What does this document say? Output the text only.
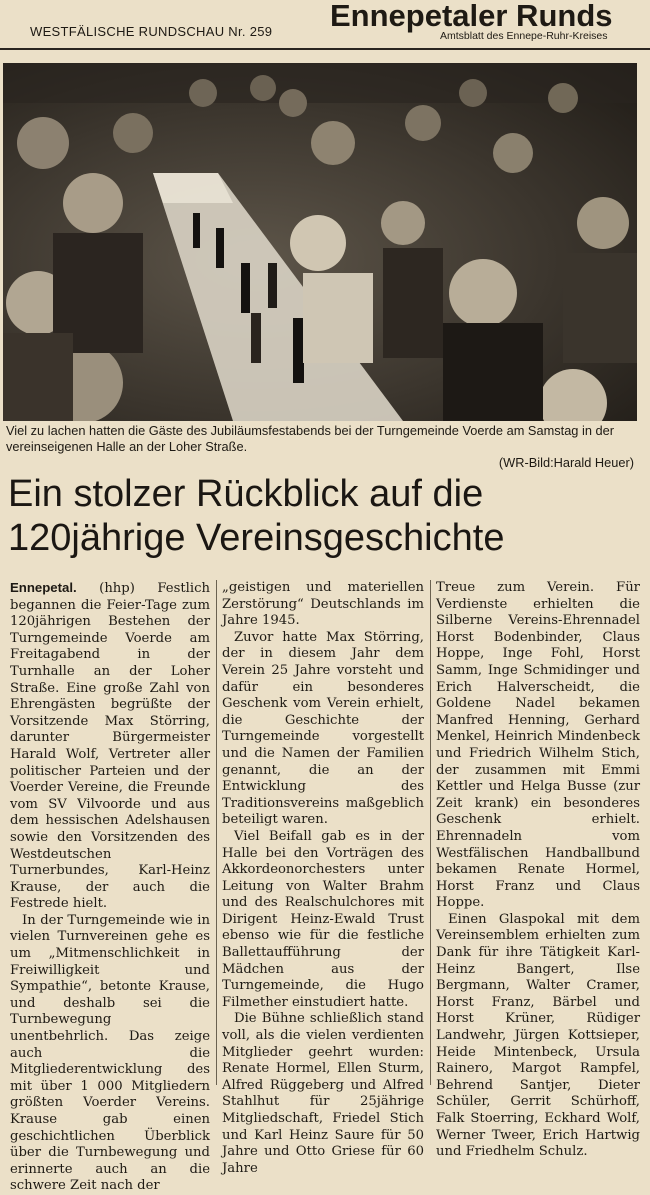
WESTFÄLISCHE RUNDSCHAU Nr. 259 Ennepetaler Runds
Amtsblatt des Ennepe-Ruhr-Kreises
Viel zu lachen hatten die Gäste des Jubiläumsfestabends bei der Turngemeinde Voerde am Samstag in der vereinseigenen Halle an der Loher Straße.
(WR-Bild:Harald Heuer)
Ein stolzer Rückblick auf die 120jährige Vereinsgeschichte

Ennepetal. (hhp) Festlich begannen die Feier-Tage zum 120jährigen Bestehen der Turngemeinde Voerde am Freitagabend in der Turnhalle an der Loher Straße. Eine große Zahl von Ehrengästen begrüßte der Vorsitzende Max Störring, darunter Bürgermeister Harald Wolf, Vertreter aller politischer Parteien und der Voerder Vereine, die Freunde vom SV Vilvoorde und aus dem hessischen Adelshausen sowie den Vorsitzenden des Westdeutschen Turnerbundes, Karl-Heinz Krause, der auch die Festrede hielt.

In der Turngemeinde wie in vielen Turnvereinen gehe es um „Mitmenschlichkeit in Freiwilligkeit und Sympathie“, betonte Krause, und deshalb sei die Turnbewegung unentbehrlich. Das zeige auch die Mitgliederentwicklung des mit über 1 000 Mitgliedern größten Voerder Vereins. Krause gab einen geschichtlichen Überblick über die Turnbewegung und erinnerte auch an die schwere Zeit nach der

„geistigen und materiellen Zerstörung“ Deutschlands im Jahre 1945.

Zuvor hatte Max Störring, der in diesem Jahr dem Verein 25 Jahre vorsteht und dafür ein besonderes Geschenk vom Verein erhielt, die Geschichte der Turngemeinde vorgestellt und die Namen der Familien genannt, die an der Entwicklung des Traditionsvereins maßgeblich beteiligt waren.

Viel Beifall gab es in der Halle bei den Vorträgen des Akkordeonorchesters unter Leitung von Walter Brahm und des Realschulchores mit Dirigent Heinz-Ewald Trust ebenso wie für die festliche Ballettaufführung der Mädchen aus der Turngemeinde, die Hugo Filmether einstudiert hatte.

Die Bühne schließlich stand voll, als die vielen verdienten Mitglieder geehrt wurden: Renate Hormel, Ellen Sturm, Alfred Rüggeberg und Alfred Stahlhut für 25jährige Mitgliedschaft, Friedel Stich und Karl Heinz Saure für 50 Jahre und Otto Griese für 60 Jahre

Treue zum Verein. Für Verdienste erhielten die Silberne Vereins-Ehrennadel Horst Bodenbinder, Claus Hoppe, Inge Fohl, Horst Samm, Inge Schmidinger und Erich Halverscheidt, die Goldene Nadel bekamen Manfred Henning, Gerhard Menkel, Heinrich Mindenbeck und Friedrich Wilhelm Stich, der zusammen mit Emmi Kettler und Helga Busse (zur Zeit krank) ein besonderes Geschenk erhielt. Ehrennadeln vom Westfälischen Handballbund bekamen Renate Hormel, Horst Franz und Claus Hoppe.

Einen Glaspokal mit dem Vereinsemblem erhielten zum Dank für ihre Tätigkeit Karl-Heinz Bangert, Ilse Bergmann, Walter Cramer, Horst Franz, Bärbel und Horst Krüner, Rüdiger Landwehr, Jürgen Kottsieper, Heide Mintenbeck, Ursula Rainero, Margot Rampfel, Behrend Santjer, Dieter Schüler, Gerrit Schürhoff, Falk Stoerring, Eckhard Wolf, Werner Tweer, Erich Hartwig und Friedhelm Schulz.
